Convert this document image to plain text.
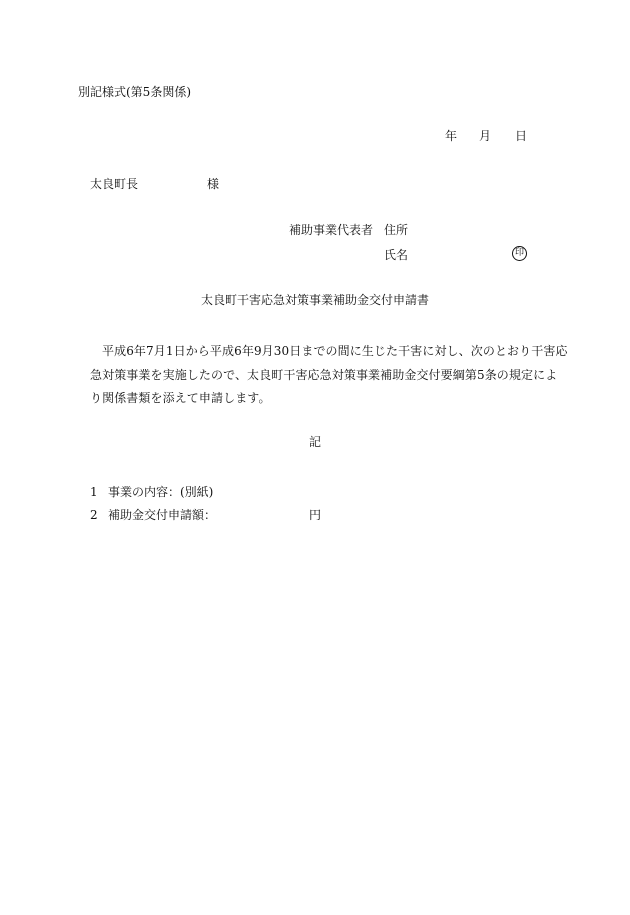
別記様式(第5条関係)
年 月 日
太良町長	様
補助事業代表者 住所
氏名	印
太良町干害応急対策事業補助金交付申請書
平成6年7月1日から平成6年9月30日までの間に生じた干害に対し、次のとおり干害応急対策事業を実施したので、太良町干害応急対策事業補助金交付要綱第5条の規定により関係書類を添えて申請します。
記
1 事業の内容：(別紙)
2 補助金交付申請額：	円
